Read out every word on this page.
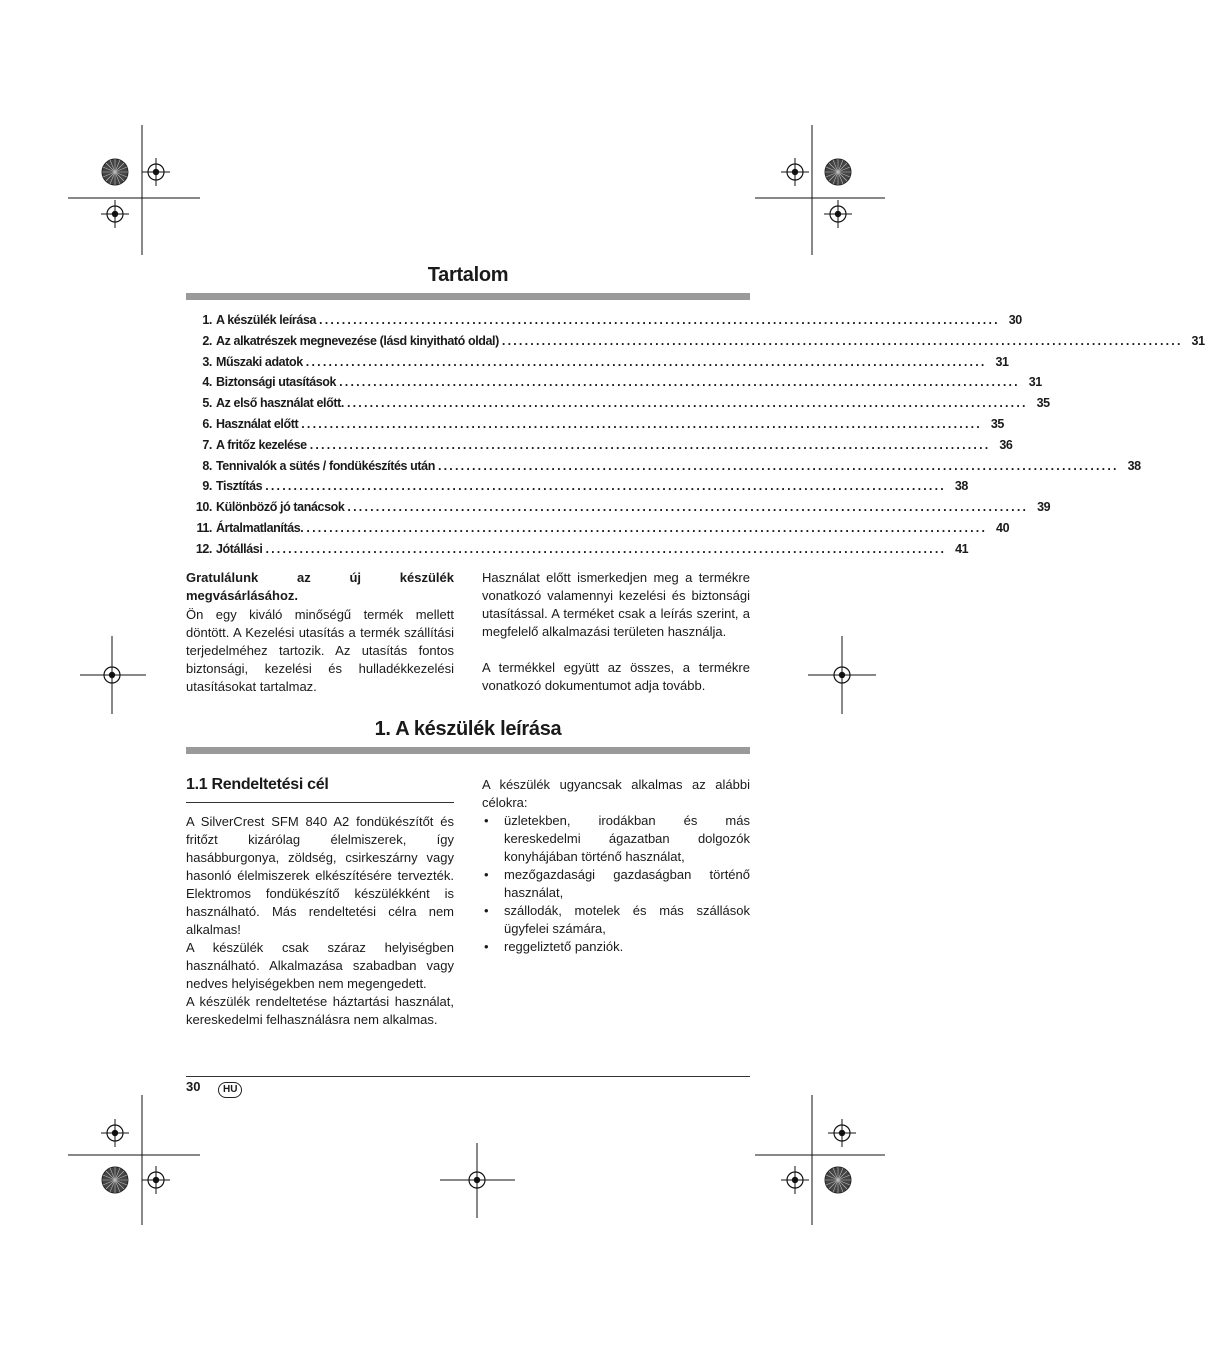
Tartalom
1. A készülék leírása ........................................................................................................................ 30
2. Az alkatrészek megnevezése (lásd kinyitható oldal) ........................................................................................................................ 31
3. Műszaki adatok ........................................................................................................................ 31
4. Biztonsági utasítások ........................................................................................................................ 31
5. Az első használat előtt. ........................................................................................................................ 35
6. Használat előtt ........................................................................................................................ 35
7. A fritőz kezelése ........................................................................................................................ 36
8. Tennivalók a sütés / fondükészítés után ........................................................................................................................ 38
9. Tisztítás ........................................................................................................................ 38
10. Különböző jó tanácsok ........................................................................................................................ 39
11. Ártalmatlanítás. ........................................................................................................................ 40
12. Jótállási ........................................................................................................................ 41
Gratulálunk az új készülék megvásárlásához.
Ön egy kiváló minőségű termék mellett döntött. A Kezelési utasítás a termék szállítási terjedelméhez tartozik. Az utasítás fontos biztonsági, kezelési és hulladékkezelési utasításokat tartalmaz.
Használat előtt ismerkedjen meg a termékre vonatkozó valamennyi kezelési és biztonsági utasítással. A terméket csak a leírás szerint, a megfelelő alkalmazási területen használja.
A termékkel együtt az összes, a termékre vonatkozó dokumentumot adja tovább.
1. A készülék leírása
1.1 Rendeltetési cél
A SilverCrest SFM 840 A2 fondükészítőt és fritőzt kizárólag élelmiszerek, így hasábburgonya, zöldség, csirkeszárny vagy hasonló élelmiszerek elkészítésére tervezték. Elektromos fondükészítő készülékként is használható. Más rendeltetési célra nem alkalmas!
A készülék csak száraz helyiségben használható. Alkalmazása szabadban vagy nedves helyiségekben nem megengedett.
A készülék rendeltetése háztartási használat, kereskedelmi felhasználásra nem alkalmas.
A készülék ugyancsak alkalmas az alábbi célokra:
• üzletekben, irodákban és más kereskedelmi ágazatban dolgozók konyhájában történő használat,
• mezőgazdasági gazdaságban történő használat,
• szállodák, motelek és más szállások ügyfelei számára,
• reggeliztető panziók.
30	HU
